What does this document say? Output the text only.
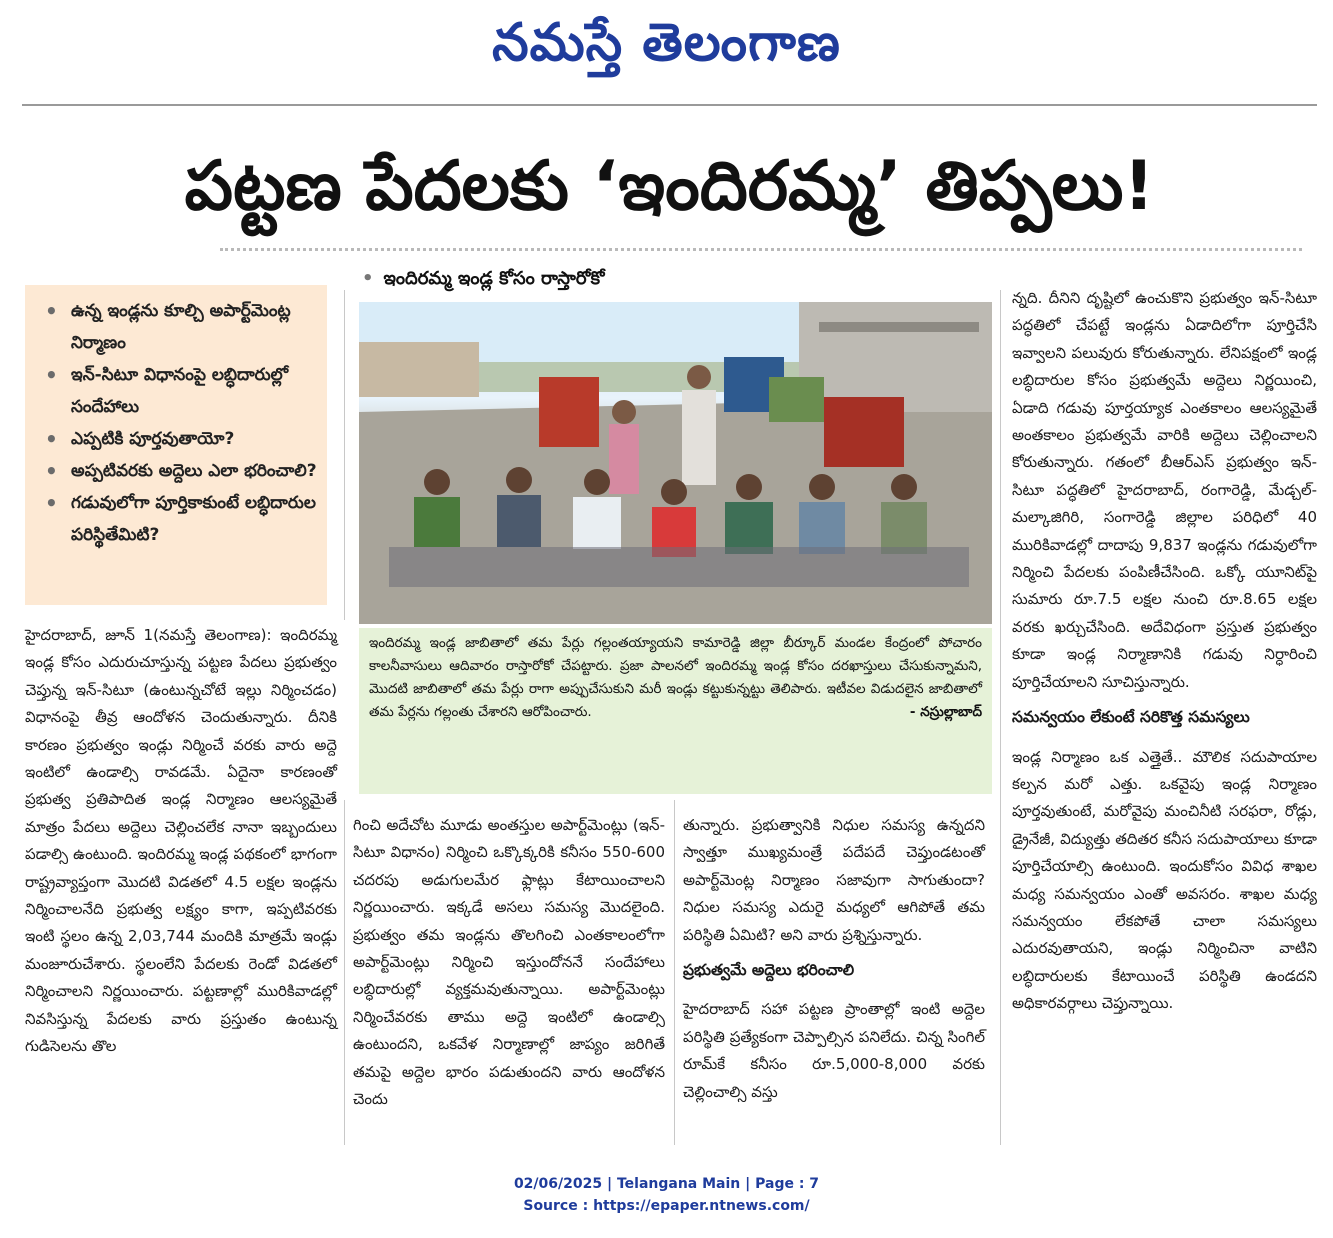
నమస్తే తెలంగాణ
పట్టణ పేదలకు ‘ఇందిరమ్మ’ తిప్పలు!
• ఉన్న ఇండ్లను కూల్చి అపార్ట్‌మెంట్ల నిర్మాణం
• ఇన్‌-సిటూ విధానంపై లబ్ధిదారుల్లో సందేహాలు
• ఎప్పటికి పూర్తవుతాయో?
• అప్పటివరకు అద్దెలు ఎలా భరించాలి?
• గడువులోగా పూర్తికాకుంటే లబ్ధిదారుల పరిస్థితేమిటి?
• ఇందిరమ్మ ఇండ్ల కోసం రాస్తారోకో
ఇందిరమ్మ ఇండ్ల జాబితాలో తమ పేర్లు గల్లంతయ్యాయని కామారెడ్డి జిల్లా బీర్కూర్ మండల కేంద్రంలో పోచారం కాలనీవాసులు ఆదివారం రాస్తారోకో చేపట్టారు. ప్రజా పాలనలో ఇందిరమ్మ ఇండ్ల కోసం దరఖాస్తులు చేసుకున్నామని, మొదటి జాబితాలో తమ పేర్లు రాగా అప్పుచేసుకుని మరీ ఇండ్లు కట్టుకున్నట్టు తెలిపారు. ఇటీవల విడుదలైన జాబితాలో తమ పేర్లను గల్లంతు చేశారని ఆరోపించారు.	- నస్రుల్లాబాద్

హైదరాబాద్, జూన్ 1(నమస్తే తెలంగాణ): ఇందిరమ్మ ఇండ్ల కోసం ఎదురుచూస్తున్న పట్టణ పేదలు ప్రభుత్వం చెప్తున్న ఇన్‌-సిటూ (ఉంటున్నచోటే ఇల్లు నిర్మించడం) విధానంపై తీవ్ర ఆందోళన చెందుతున్నారు. దీనికి కారణం ప్రభుత్వం ఇండ్లు నిర్మించే వరకు వారు అద్దె ఇంటిలో ఉండాల్సి రావడమే. ఏదైనా కారణంతో ప్రభుత్వ ప్రతిపాదిత ఇండ్ల నిర్మాణం ఆలస్యమైతే మాత్రం పేదలు అద్దెలు చెల్లించలేక నానా ఇబ్బందులు పడాల్సి ఉంటుంది. ఇందిరమ్మ ఇండ్ల పథకంలో భాగంగా రాష్ట్రవ్యాప్తంగా మొదటి విడతలో 4.5 లక్షల ఇండ్లను నిర్మించాలనేది ప్రభుత్వ లక్ష్యం కాగా, ఇప్పటివరకు ఇంటి స్థలం ఉన్న 2,03,744 మందికి మాత్రమే ఇండ్లు మంజూరుచేశారు. స్థలంలేని పేదలకు రెండో విడతలో నిర్మించాలని నిర్ణయించారు. పట్టణాల్లో మురికివాడల్లో నివసిస్తున్న పేదలకు వారు ప్రస్తుతం ఉంటున్న గుడిసెలను తొల

గించి అదేచోట మూడు అంతస్తుల అపార్ట్‌మెంట్లు (ఇన్‌-సిటూ విధానం) నిర్మించి ఒక్కొక్కరికి కనీసం 550-600 చదరపు అడుగులమేర ఫ్లాట్లు కేటాయించాలని నిర్ణయించారు. ఇక్కడే అసలు సమస్య మొదలైంది. ప్రభుత్వం తమ ఇండ్లను తొలగించి ఎంతకాలంలోగా అపార్ట్‌మెంట్లు నిర్మించి ఇస్తుందోననే సందేహాలు లబ్ధిదారుల్లో వ్యక్తమవుతున్నాయి. అపార్ట్‌మెంట్లు నిర్మించేవరకు తాము అద్దె ఇంటిలో ఉండాల్సి ఉంటుందని, ఒకవేళ నిర్మాణాల్లో జాప్యం జరిగితే తమపై అద్దెల భారం పడుతుందని వారు ఆందోళన చెందు

తున్నారు. ప్రభుత్వానికి నిధుల సమస్య ఉన్నదని స్వాత్తూ ముఖ్యమంత్రే పదేపదే చెప్తుండటంతో అపార్ట్‌మెంట్ల నిర్మాణం సజావుగా సాగుతుందా? నిధుల సమస్య ఎదురై మధ్యలో ఆగిపోతే తమ పరిస్థితి ఏమిటి? అని వారు ప్రశ్నిస్తున్నారు.

ప్రభుత్వమే అద్దెలు భరించాలి

హైదరాబాద్ సహా పట్టణ ప్రాంతాల్లో ఇంటి అద్దెల పరిస్థితి ప్రత్యేకంగా చెప్పాల్సిన పనిలేదు. చిన్న సింగిల్ రూమ్‌కే కనీసం రూ.5,000-8,000 వరకు చెల్లించాల్సి వస్తు

న్నది. దీనిని దృష్టిలో ఉంచుకొని ప్రభుత్వం ఇన్‌-సిటూ పద్ధతిలో చేపట్టే ఇండ్లను ఏడాదిలోగా పూర్తిచేసి ఇవ్వాలని పలువురు కోరుతున్నారు. లేనిపక్షంలో ఇండ్ల లబ్ధిదారుల కోసం ప్రభుత్వమే అద్దెలు నిర్ణయించి, ఏడాది గడువు పూర్తయ్యాక ఎంతకాలం ఆలస్యమైతే అంతకాలం ప్రభుత్వమే వారికి అద్దెలు చెల్లించాలని కోరుతున్నారు. గతంలో బీఆర్‌ఎస్ ప్రభుత్వం ఇన్‌-సిటూ పద్ధతిలో హైదరాబాద్, రంగారెడ్డి, మేడ్చల్-మల్కాజిగిరి, సంగారెడ్డి జిల్లాల పరిధిలో 40 మురికివాడల్లో దాదాపు 9,837 ఇండ్లను గడువులోగా నిర్మించి పేదలకు పంపిణీచేసింది. ఒక్కో యూనిట్‌పై సుమారు రూ.7.5 లక్షల నుంచి రూ.8.65 లక్షల వరకు ఖర్చుచేసింది. అదేవిధంగా ప్రస్తుత ప్రభుత్వం కూడా ఇండ్ల నిర్మాణానికి గడువు నిర్ధారించి పూర్తిచేయాలని సూచిస్తున్నారు.

సమన్వయం లేకుంటే సరికొత్త సమస్యలు

ఇండ్ల నిర్మాణం ఒక ఎత్తైతే.. మౌలిక సదుపాయాల కల్పన మరో ఎత్తు. ఒకవైపు ఇండ్ల నిర్మాణం పూర్తవుతుంటే, మరోవైపు మంచినీటి సరఫరా, రోడ్లు, డ్రైనేజీ, విద్యుత్తు తదితర కనీస సదుపాయాలు కూడా పూర్తిచేయాల్సి ఉంటుంది. ఇందుకోసం వివిధ శాఖల మధ్య సమన్వయం ఎంతో అవసరం. శాఖల మధ్య సమన్వయం లేకపోతే చాలా సమస్యలు ఎదురవుతాయని, ఇండ్లు నిర్మించినా వాటిని లబ్ధిదారులకు కేటాయించే పరిస్థితి ఉండదని అధికారవర్గాలు చెప్తున్నాయి.

02/06/2025 | Telangana Main | Page : 7
Source : https://epaper.ntnews.com/
